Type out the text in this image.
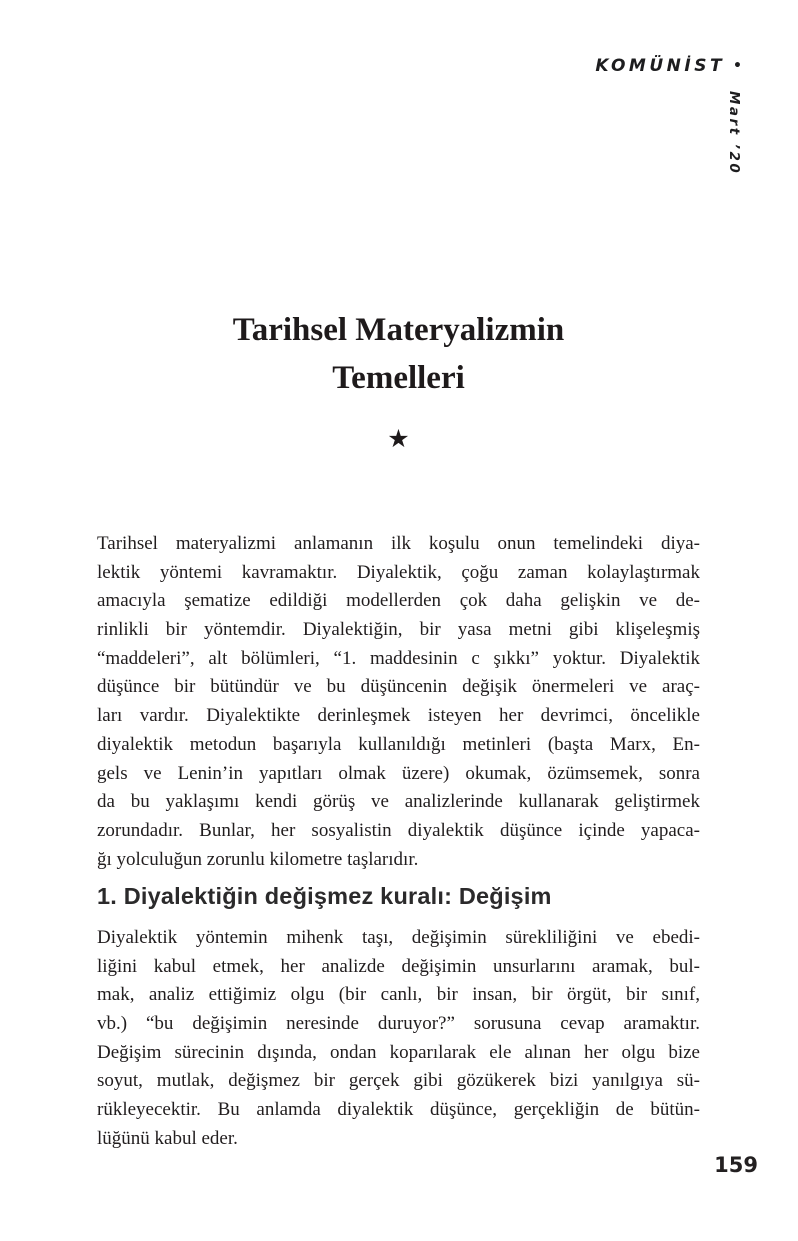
KOMÜNİST •
Mart ’20
Tarihsel Materyalizmin
Temelleri
★
Tarihsel materyalizmi anlamanın ilk koşulu onun temelindeki diya-
lektik yöntemi kavramaktır. Diyalektik, çoğu zaman kolaylaştırmak
amacıyla şematize edildiği modellerden çok daha gelişkin ve de-
rinlikli bir yöntemdir. Diyalektiğin, bir yasa metni gibi klişeleşmiş
“maddeleri”, alt bölümleri, “1. maddesinin c şıkkı” yoktur. Diyalektik
düşünce bir bütündür ve bu düşüncenin değişik önermeleri ve araç-
ları vardır. Diyalektikte derinleşmek isteyen her devrimci, öncelikle
diyalektik metodun başarıyla kullanıldığı metinleri (başta Marx, En-
gels ve Lenin’in yapıtları olmak üzere) okumak, özümsemek, sonra
da bu yaklaşımı kendi görüş ve analizlerinde kullanarak geliştirmek
zorundadır. Bunlar, her sosyalistin diyalektik düşünce içinde yapaca-
ğı yolculuğun zorunlu kilometre taşlarıdır.
1. Diyalektiğin değişmez kuralı: Değişim
Diyalektik yöntemin mihenk taşı, değişimin sürekliliğini ve ebedi-
liğini kabul etmek, her analizde değişimin unsurlarını aramak, bul-
mak, analiz ettiğimiz olgu (bir canlı, bir insan, bir örgüt, bir sınıf,
vb.) “bu değişimin neresinde duruyor?” sorusuna cevap aramaktır.
Değişim sürecinin dışında, ondan koparılarak ele alınan her olgu bize
soyut, mutlak, değişmez bir gerçek gibi gözükerek bizi yanılgıya sü-
rükleyecektir. Bu anlamda diyalektik düşünce, gerçekliğin de bütün-
lüğünü kabul eder.
159
